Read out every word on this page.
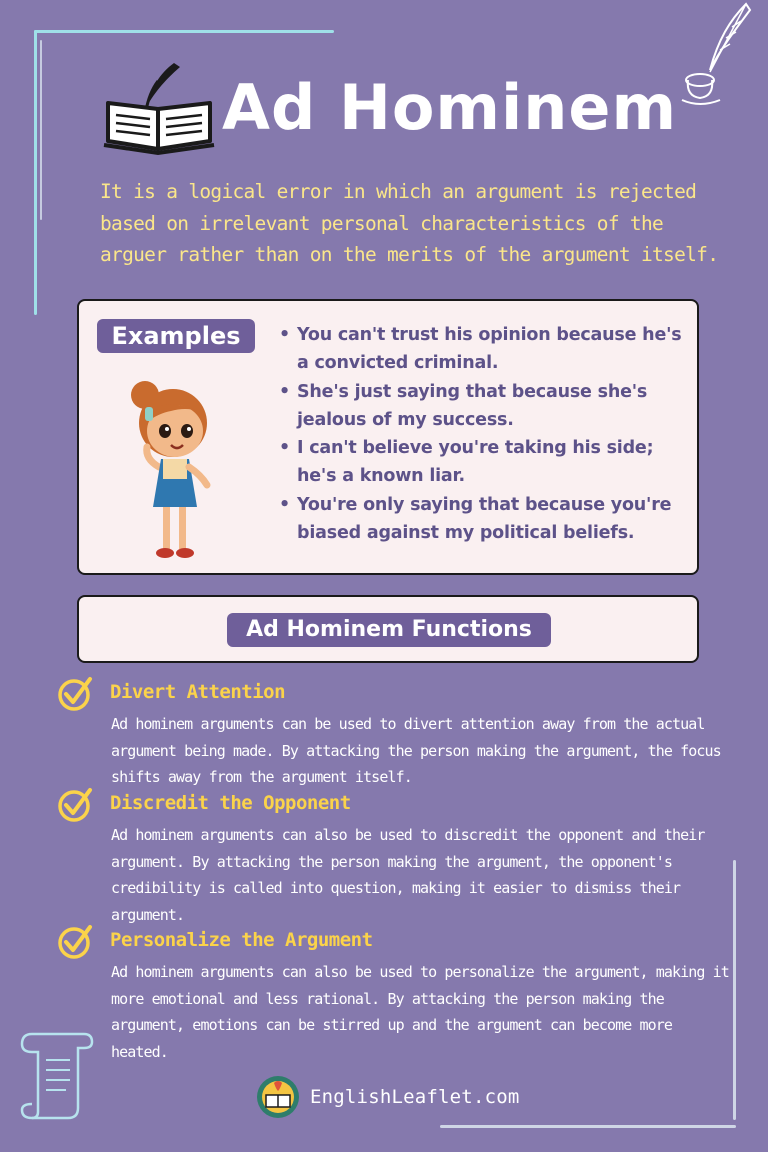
Ad Hominem
It is a logical error in which an argument is rejected based on irrelevant personal characteristics of the arguer rather than on the merits of the argument itself.
Examples
•	You can't trust his opinion because he's a convicted criminal.
• She's just saying that because she's jealous of my success.
• I can't believe you're taking his side; he's a known liar.
• You're only saying that because you're biased against my political beliefs.
Ad Hominem Functions
Divert Attention
Ad hominem arguments can be used to divert attention away from the actual argument being made. By attacking the person making the argument, the focus shifts away from the argument itself.
Discredit the Opponent
Ad hominem arguments can also be used to discredit the opponent and their argument. By attacking the person making the argument, the opponent's credibility is called into question, making it easier to dismiss their argument.
Personalize the Argument
Ad hominem arguments can also be used to personalize the argument, making it more emotional and less rational. By attacking the person making the argument, emotions can be stirred up and the argument can become more heated.
EnglishLeaflet.com
